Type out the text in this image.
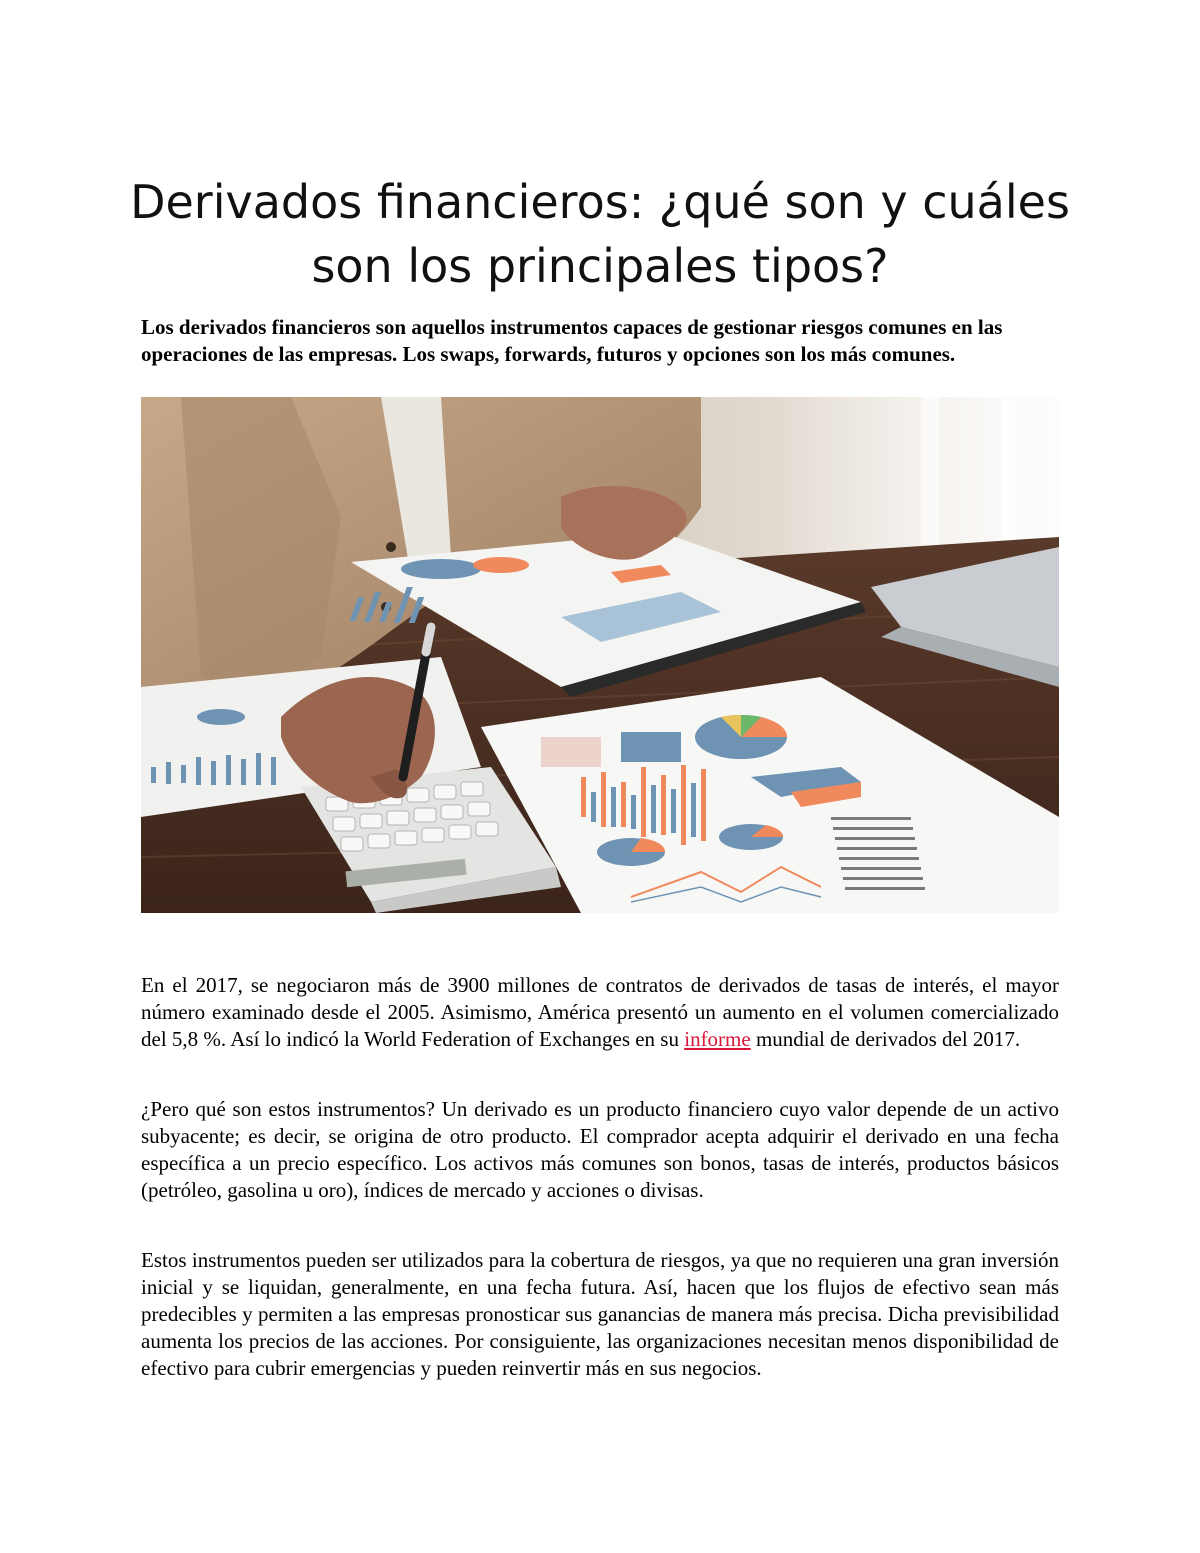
Derivados financieros: ¿qué son y cuáles son los principales tipos?

Los derivados financieros son aquellos instrumentos capaces de gestionar riesgos comunes en las operaciones de las empresas. Los swaps, forwards, futuros y opciones son los más comunes.

En el 2017, se negociaron más de 3900 millones de contratos de derivados de tasas de interés, el mayor número examinado desde el 2005. Asimismo, América presentó un aumento en el volumen comercializado del 5,8 %. Así lo indicó la World Federation of Exchanges en su informe mundial de derivados del 2017.

¿Pero qué son estos instrumentos? Un derivado es un producto financiero cuyo valor depende de un activo subyacente; es decir, se origina de otro producto. El comprador acepta adquirir el derivado en una fecha específica a un precio específico. Los activos más comunes son bonos, tasas de interés, productos básicos (petróleo, gasolina u oro), índices de mercado y acciones o divisas.

Estos instrumentos pueden ser utilizados para la cobertura de riesgos, ya que no requieren una gran inversión inicial y se liquidan, generalmente, en una fecha futura. Así, hacen que los flujos de efectivo sean más predecibles y permiten a las empresas pronosticar sus ganancias de manera más precisa. Dicha previsibilidad aumenta los precios de las acciones. Por consiguiente, las organizaciones necesitan menos disponibilidad de efectivo para cubrir emergencias y pueden reinvertir más en sus negocios.
